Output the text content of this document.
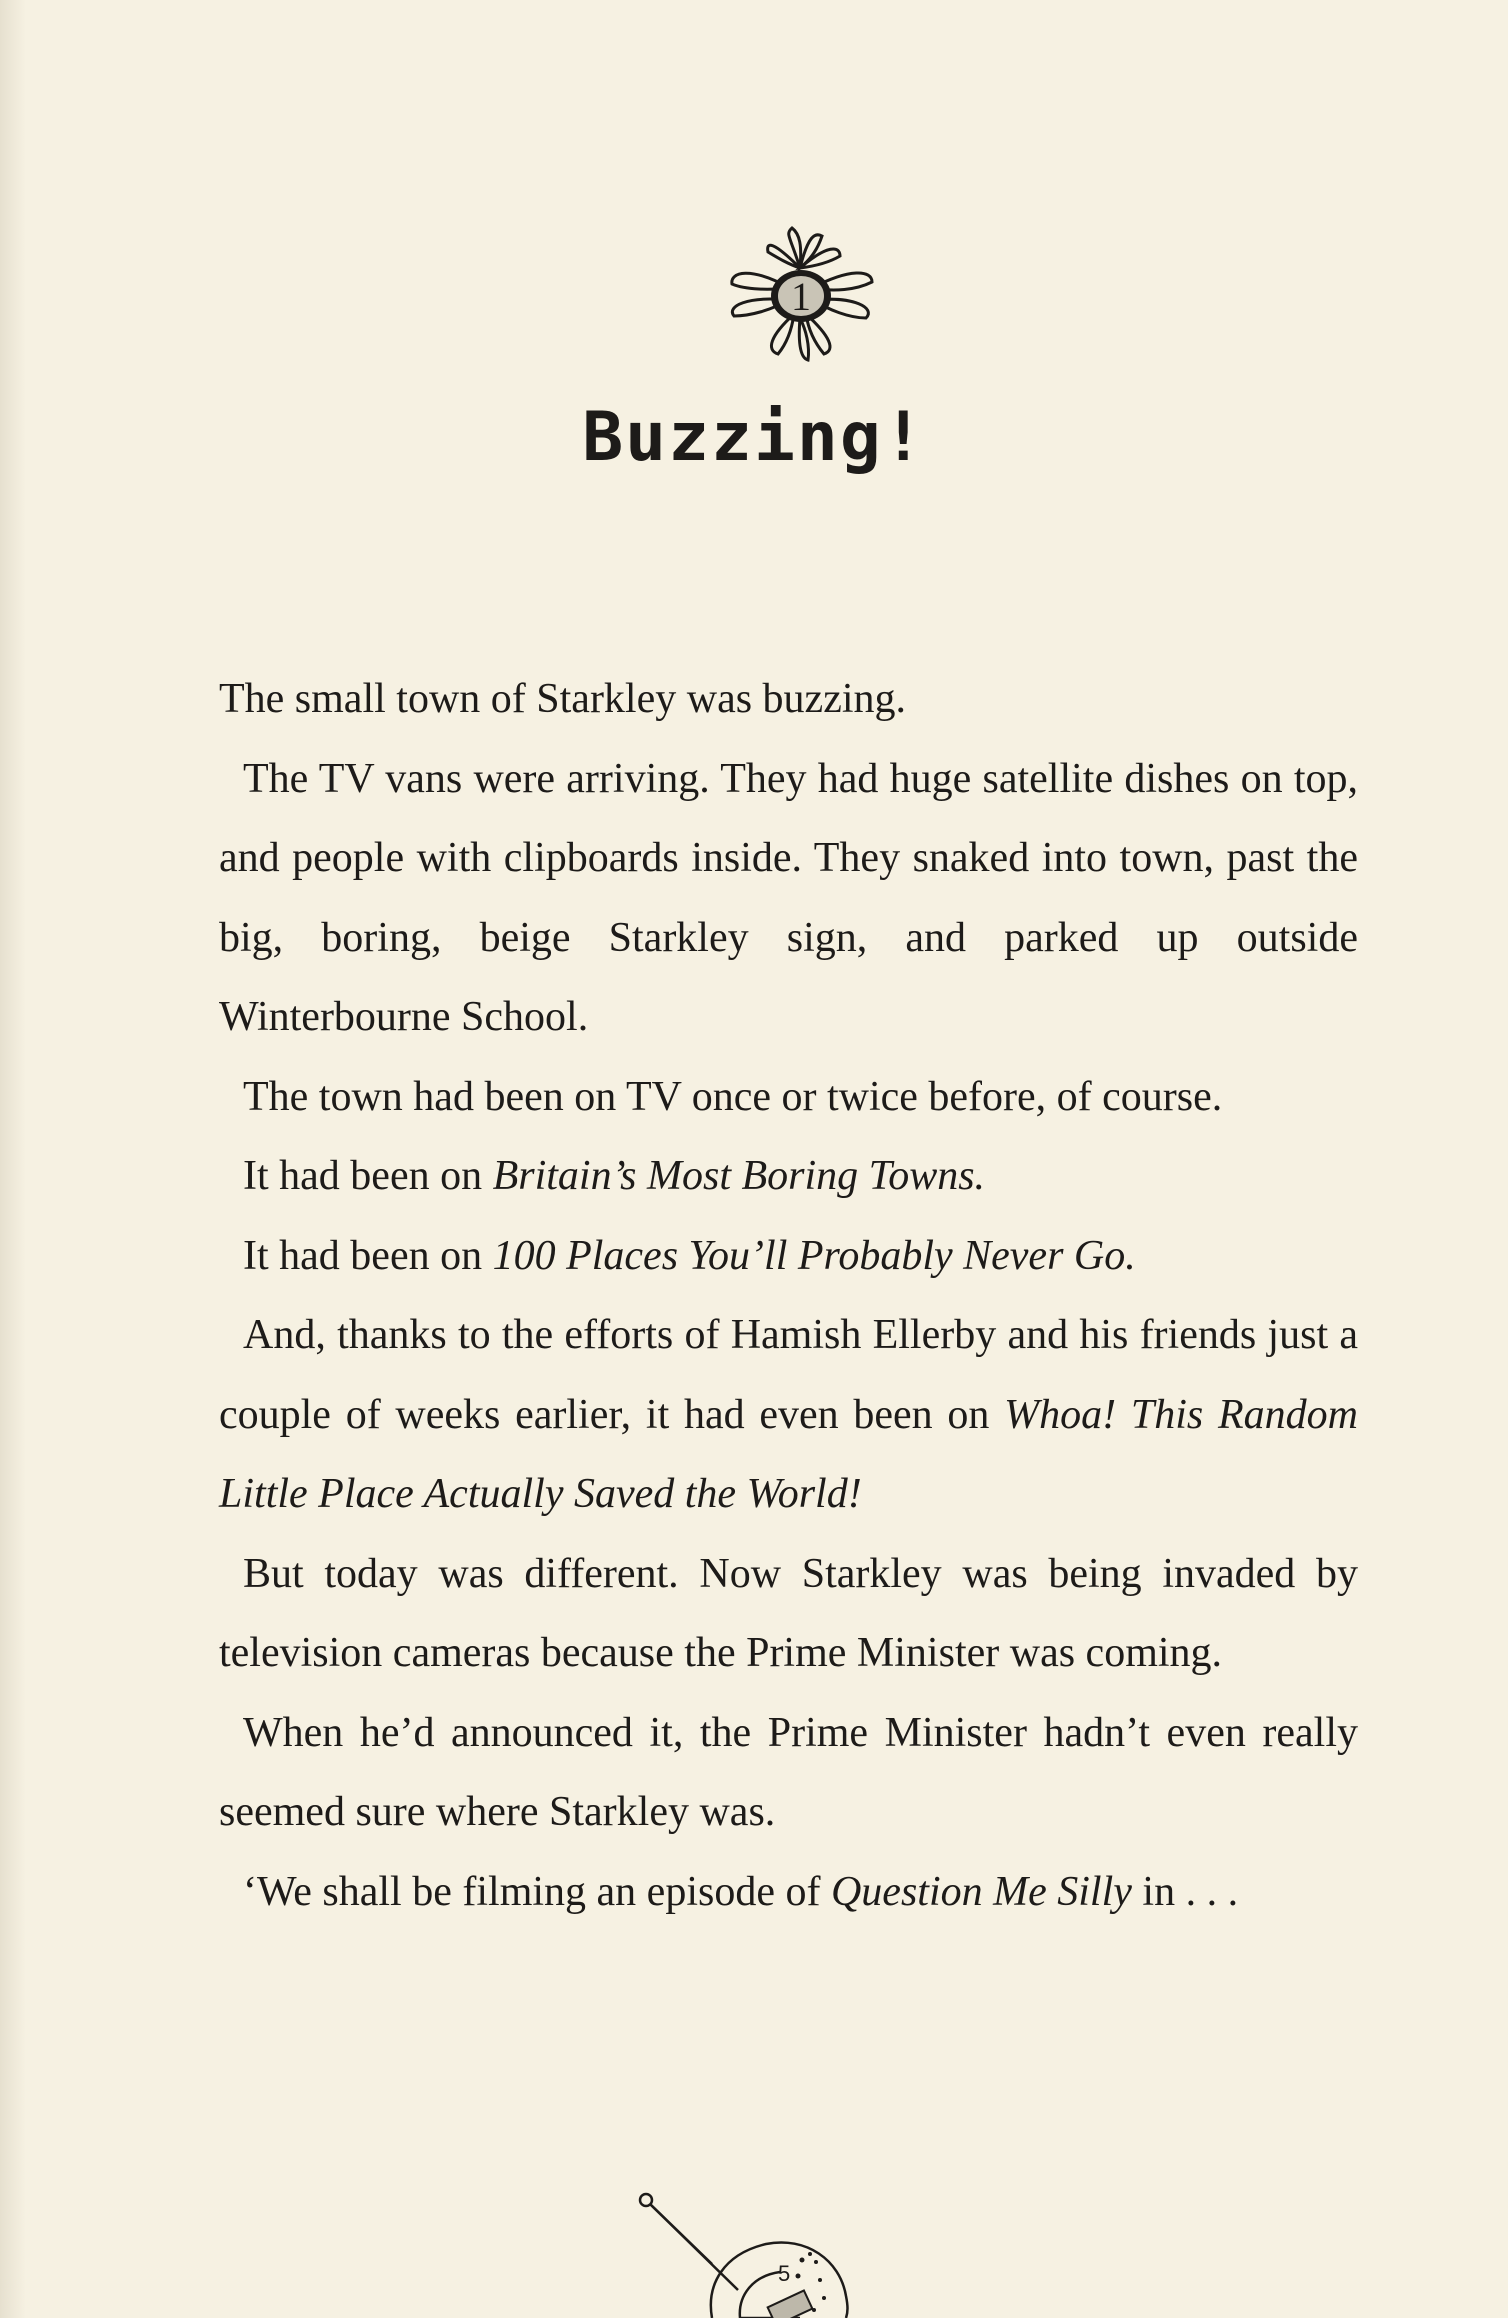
1
Buzzing!

The small town of Starkley was buzzing.

The TV vans were arriving. They had huge satellite dishes on top, and people with clipboards inside. They snaked into town, past the big, boring, beige Starkley sign, and parked up outside Winterbourne School.

The town had been on TV once or twice before, of course.

It had been on Britain’s Most Boring Towns.

It had been on 100 Places You’ll Probably Never Go.

And, thanks to the efforts of Hamish Ellerby and his friends just a couple of weeks earlier, it had even been on Whoa! This Random Little Place Actually Saved the World!

But today was different. Now Starkley was being invaded by television cameras because the Prime Minister was coming.

When he’d announced it, the Prime Minister hadn’t even really seemed sure where Starkley was.

‘We shall be filming an episode of Question Me Silly in . . .

5
